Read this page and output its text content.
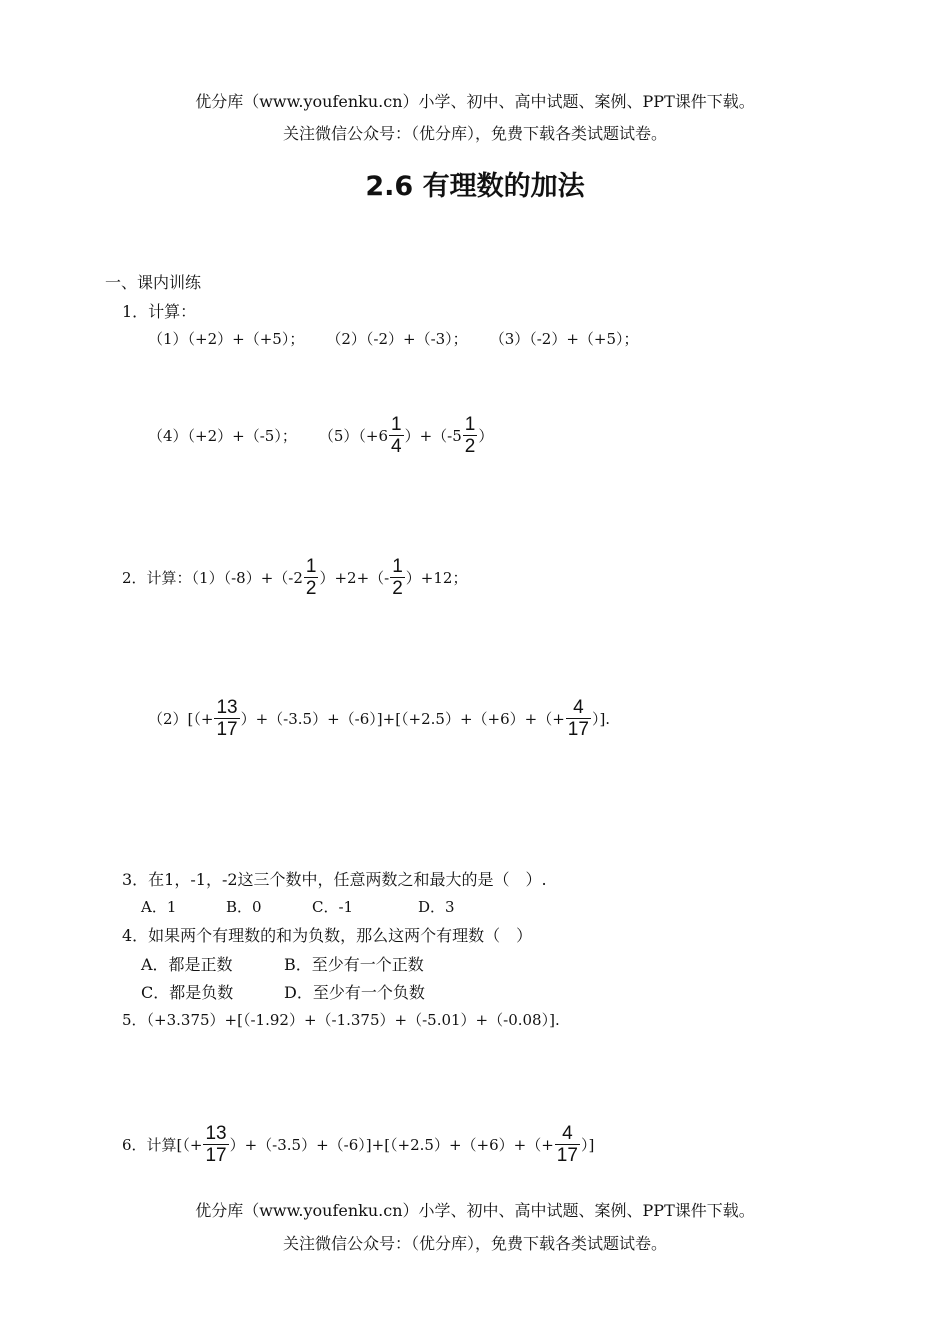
优分库（www.youfenku.cn）小学、初中、高中试题、案例、PPT课件下载。
关注微信公众号：（优分库），免费下载各类试题试卷。
2.6 有理数的加法
一、课内训练
1．计算：
（1）（+2）+（+5）； （2）（-2）+（-3）； （3）（-2）+（+5）；
（4）（+2）+（-5）； $(5)(+6 \frac{1}{4} )+(-5 \frac{1}{2}$ ）
2．计算：$(1)(-8)+(-2 \frac{1}{2} )+2+(- \frac{1}{2} )+12$；
$(2)[(+ \frac{13}{17} )+(-3.5)+(-6)]+[(+2.5)+(+6)+(+ \frac{4}{17}$ ）].
3．在1，-1，-2这三个数中，任意两数之和最大的是（　）.
A．1	B．0	C．-1	D．3
4．如果两个有理数的和为负数，那么这两个有理数（　）
A．都是正数	B．至少有一个正数
C．都是负数	D．至少有一个负数
5．（+3.375）+[（-1.92）+（-1.375）+（-5.01）+（-0.08）].
6．计算[（+ $\frac{13}{17} )+(-3.5)+(-6)]+[(+2.5)+(+6)+(+ \frac{4}{17}$ ）]
优分库（www.youfenku.cn）小学、初中、高中试题、案例、PPT课件下载。
关注微信公众号：（优分库），免费下载各类试题试卷。
